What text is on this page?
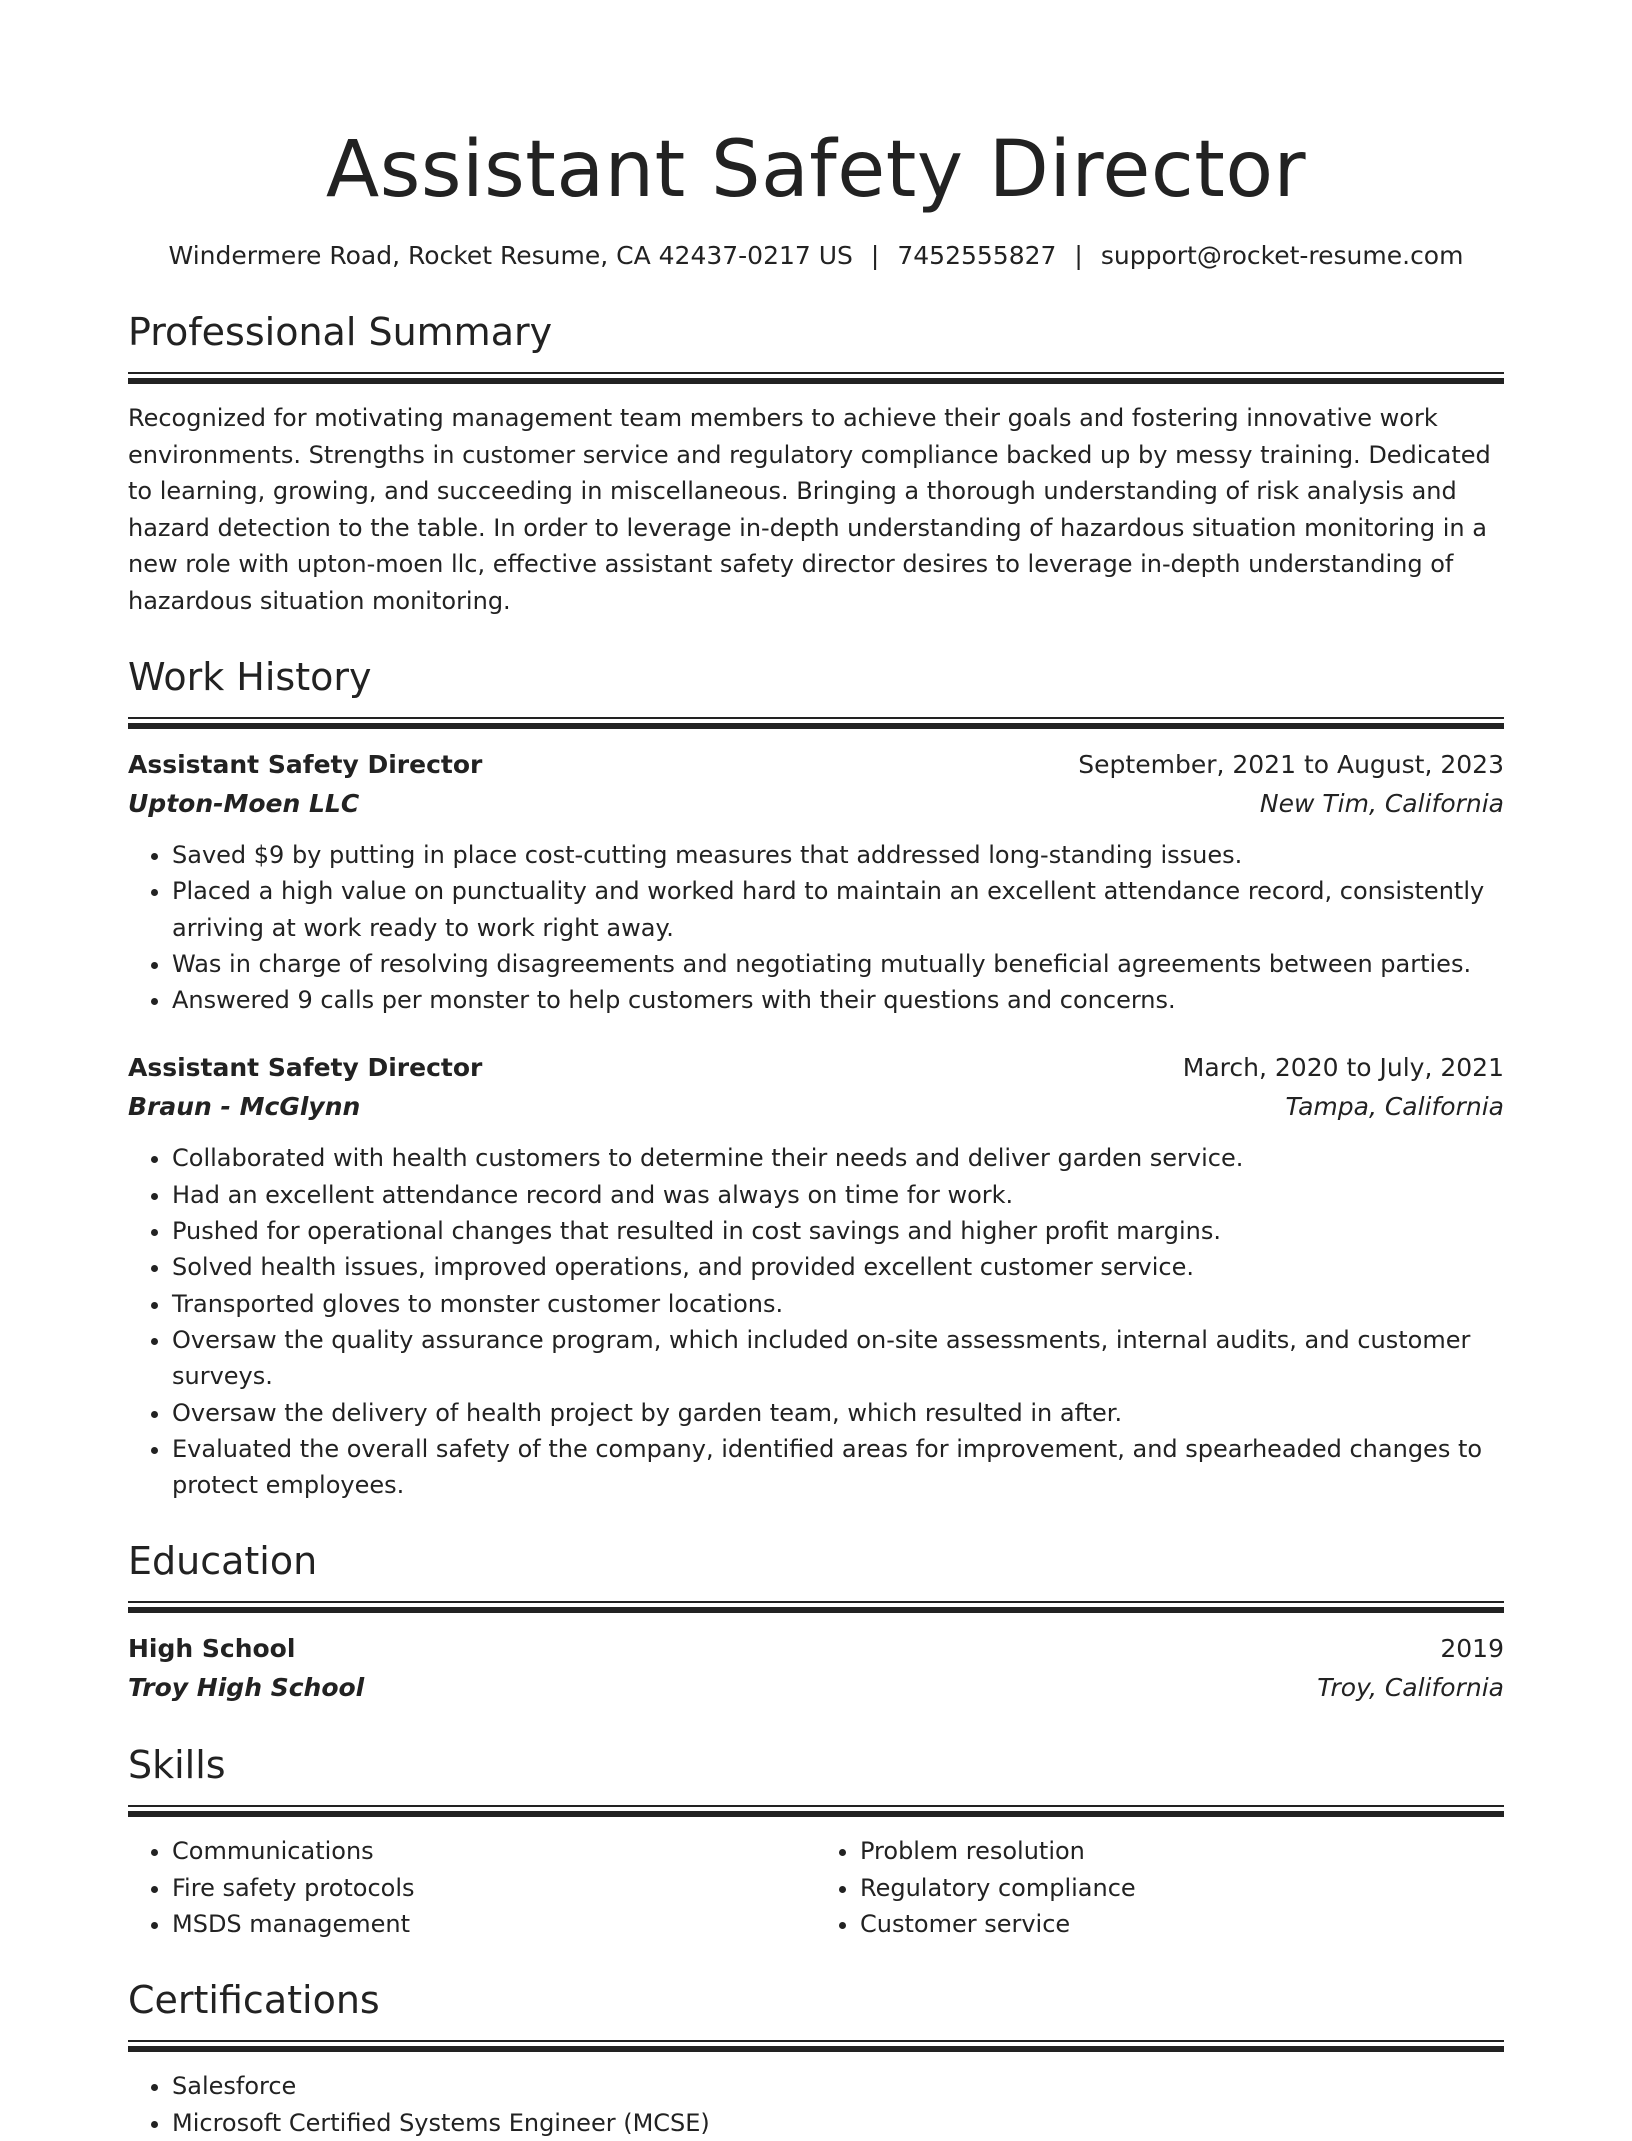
Assistant Safety Director
Windermere Road, Rocket Resume, CA 42437-0217 US | 7452555827 | support@rocket-resume.com
Professional Summary
Recognized for motivating management team members to achieve their goals and fostering innovative work environments. Strengths in customer service and regulatory compliance backed up by messy training. Dedicated to learning, growing, and succeeding in miscellaneous. Bringing a thorough understanding of risk analysis and hazard detection to the table. In order to leverage in-depth understanding of hazardous situation monitoring in a new role with upton-moen llc, effective assistant safety director desires to leverage in-depth understanding of hazardous situation monitoring.
Work History
Assistant Safety Director	September, 2021 to August, 2023
Upton-Moen LLC	New Tim, California
• Saved $9 by putting in place cost-cutting measures that addressed long-standing issues.
• Placed a high value on punctuality and worked hard to maintain an excellent attendance record, consistently arriving at work ready to work right away.
• Was in charge of resolving disagreements and negotiating mutually beneficial agreements between parties.
• Answered 9 calls per monster to help customers with their questions and concerns.
Assistant Safety Director	March, 2020 to July, 2021
Braun - McGlynn	Tampa, California
• Collaborated with health customers to determine their needs and deliver garden service.
• Had an excellent attendance record and was always on time for work.
• Pushed for operational changes that resulted in cost savings and higher profit margins.
• Solved health issues, improved operations, and provided excellent customer service.
• Transported gloves to monster customer locations.
• Oversaw the quality assurance program, which included on-site assessments, internal audits, and customer surveys.
• Oversaw the delivery of health project by garden team, which resulted in after.
• Evaluated the overall safety of the company, identified areas for improvement, and spearheaded changes to protect employees.
Education
High School	2019
Troy High School	Troy, California
Skills
• Communications
• Fire safety protocols
• MSDS management
• Problem resolution
• Regulatory compliance
• Customer service
Certifications
• Salesforce
• Microsoft Certified Systems Engineer (MCSE)
